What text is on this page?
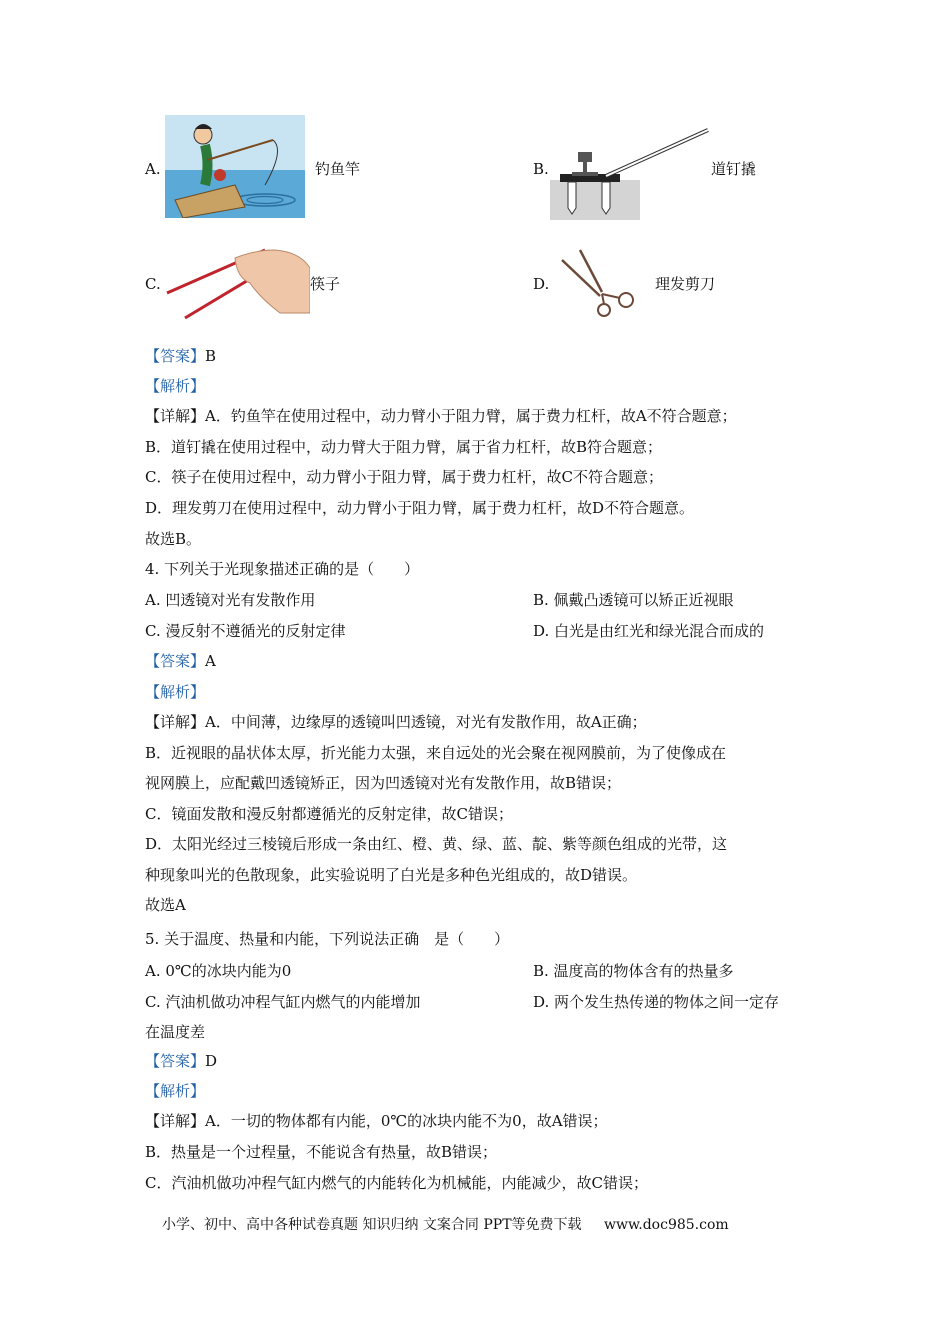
A.	钓鱼竿	B.	道钉撬
C.	筷子	D.	理发剪刀
【答案】B
【解析】
【详解】A．钓鱼竿在使用过程中，动力臂小于阻力臂，属于费力杠杆，故A不符合题意；
B．道钉撬在使用过程中，动力臂大于阻力臂，属于省力杠杆，故B符合题意；
C．筷子在使用过程中，动力臂小于阻力臂，属于费力杠杆，故C不符合题意；
D．理发剪刀在使用过程中，动力臂小于阻力臂，属于费力杠杆，故D不符合题意。
故选B。
4. 下列关于光现象描述正确的是（　　）
A. 凹透镜对光有发散作用	B. 佩戴凸透镜可以矫正近视眼
C. 漫反射不遵循光的反射定律	D. 白光是由红光和绿光混合而成的
【答案】A
【解析】
【详解】A．中间薄，边缘厚的透镜叫凹透镜，对光有发散作用，故A正确；
B．近视眼的晶状体太厚，折光能力太强，来自远处的光会聚在视网膜前，为了使像成在
视网膜上，应配戴凹透镜矫正，因为凹透镜对光有发散作用，故B错误；
C．镜面发散和漫反射都遵循光的反射定律，故C错误；
D．太阳光经过三棱镜后形成一条由红、橙、黄、绿、蓝、靛、紫等颜色组成的光带，这
种现象叫光的色散现象，此实验说明了白光是多种色光组成的，故D错误。
故选A
5. 关于温度、热量和内能，下列说法正确　是（　　）
A. 0℃的冰块内能为0	B. 温度高的物体含有的热量多
C. 汽油机做功冲程气缸内燃气的内能增加	D. 两个发生热传递的物体之间一定存
在温度差
【答案】D
【解析】
【详解】A．一切的物体都有内能，0℃的冰块内能不为0，故A错误；
B．热量是一个过程量，不能说含有热量，故B错误；
C．汽油机做功冲程气缸内燃气的内能转化为机械能，内能减少，故C错误；
小学、初中、高中各种试卷真题 知识归纳 文案合同 PPT等免费下载 www.doc985.com
